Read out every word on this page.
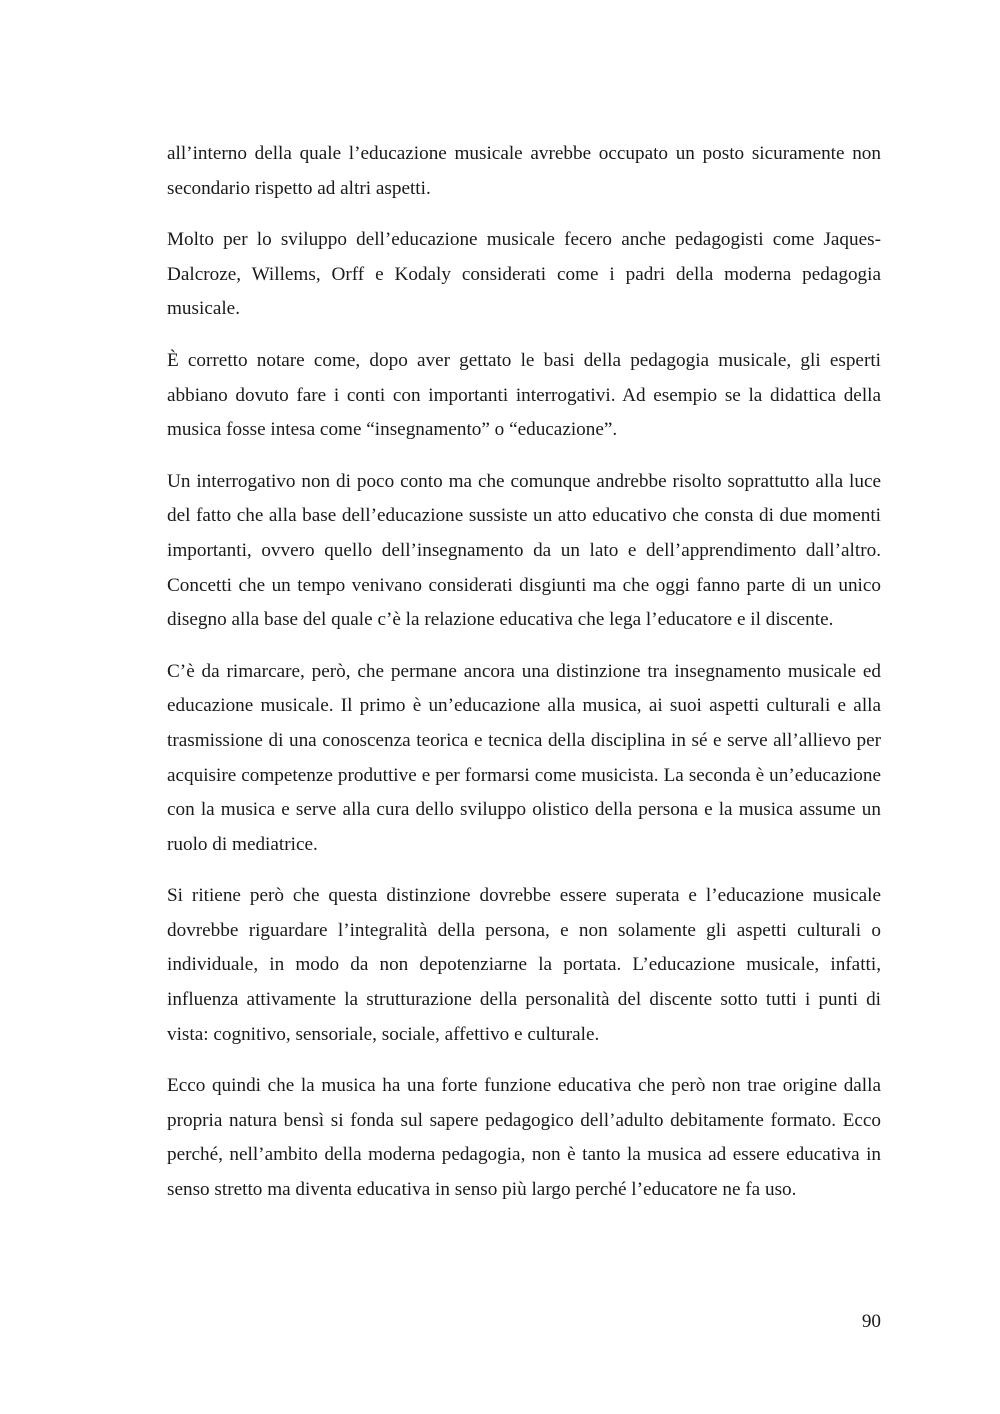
all’interno della quale l’educazione musicale avrebbe occupato un posto sicuramente non secondario rispetto ad altri aspetti.

Molto per lo sviluppo dell’educazione musicale fecero anche pedagogisti come Jaques-Dalcroze, Willems, Orff e Kodaly considerati come i padri della moderna pedagogia musicale.

È corretto notare come, dopo aver gettato le basi della pedagogia musicale, gli esperti abbiano dovuto fare i conti con importanti interrogativi. Ad esempio se la didattica della musica fosse intesa come “insegnamento” o “educazione”.

Un interrogativo non di poco conto ma che comunque andrebbe risolto soprattutto alla luce del fatto che alla base dell’educazione sussiste un atto educativo che consta di due momenti importanti, ovvero quello dell’insegnamento da un lato e dell’apprendimento dall’altro. Concetti che un tempo venivano considerati disgiunti ma che oggi fanno parte di un unico disegno alla base del quale c’è la relazione educativa che lega l’educatore e il discente.

C’è da rimarcare, però, che permane ancora una distinzione tra insegnamento musicale ed educazione musicale. Il primo è un’educazione alla musica, ai suoi aspetti culturali e alla trasmissione di una conoscenza teorica e tecnica della disciplina in sé e serve all’allievo per acquisire competenze produttive e per formarsi come musicista. La seconda è un’educazione con la musica e serve alla cura dello sviluppo olistico della persona e la musica assume un ruolo di mediatrice.

Si ritiene però che questa distinzione dovrebbe essere superata e l’educazione musicale dovrebbe riguardare l’integralità della persona, e non solamente gli aspetti culturali o individuale, in modo da non depotenziarne la portata. L’educazione musicale, infatti, influenza attivamente la strutturazione della personalità del discente sotto tutti i punti di vista: cognitivo, sensoriale, sociale, affettivo e culturale.

Ecco quindi che la musica ha una forte funzione educativa che però non trae origine dalla propria natura bensì si fonda sul sapere pedagogico dell’adulto debitamente formato. Ecco perché, nell’ambito della moderna pedagogia, non è tanto la musica ad essere educativa in senso stretto ma diventa educativa in senso più largo perché l’educatore ne fa uso.

90
